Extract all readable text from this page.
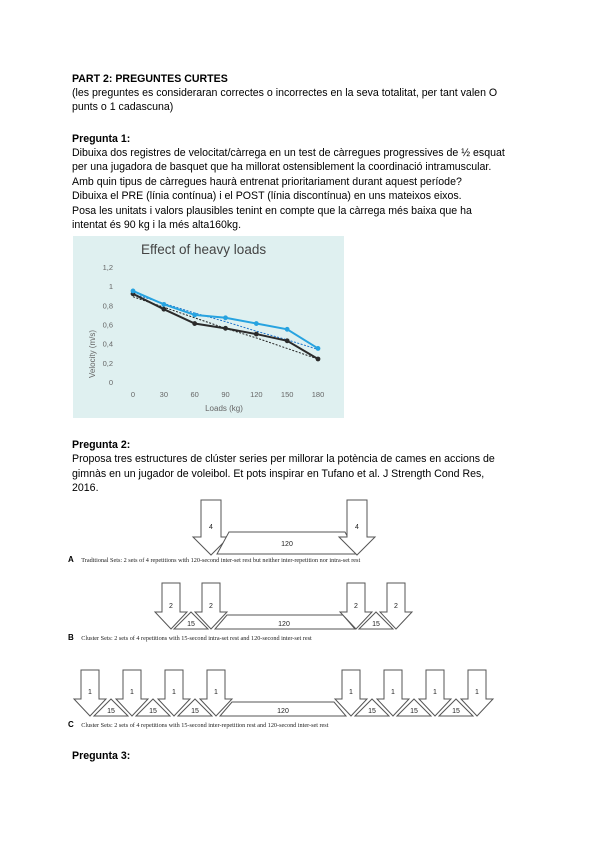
PART 2: PREGUNTES CURTES
(les preguntes es consideraran correctes o incorrectes en la seva totalitat, per tant valen O
punts o 1 cadascuna)
Pregunta 1:
Dibuixa dos registres de velocitat/càrrega en un test de càrregues progressives de ½ esquat
per una jugadora de basquet que ha millorat ostensiblement la coordinació intramuscular.
Amb quin tipus de càrregues haurà entrenat prioritariament durant aquest període?
Dibuixa el PRE (línia contínua) i el POST (línia discontínua) en uns mateixos eixos.
Posa les unitats i valors plausibles tenint en compte que la càrrega més baixa que ha
intentat és 90 kg i la més alta160kg.
Effect of heavy loads
Velocity (m/s)
Loads (kg)
0
0,2
0,4
0,6
0,8
1
1,2
0	30	60	90	120 150 180
Pregunta 2:
Proposa tres estructures de clúster series per millorar la potència de cames en accions de
gimnàs en un jugador de voleibol. Et pots inspirar en Tufano et al. J Strength Cond Res,
2016.
4
120
4
A Traditional Sets: 2 sets of 4 repetitions with 120-second inter-set rest but neither inter-repetition nor intra-set rest
2
15
2
120
2
15
2
B Cluster Sets: 2 sets of 4 repetitions with 15-second intra-set rest and 120-second inter-set rest
1
15
1
15
1
15
1
120
1
15
1
15
1
15
1
C Cluster Sets: 2 sets of 4 repetitions with 15-second inter-repetition rest and 120-second inter-set rest
Pregunta 3:
